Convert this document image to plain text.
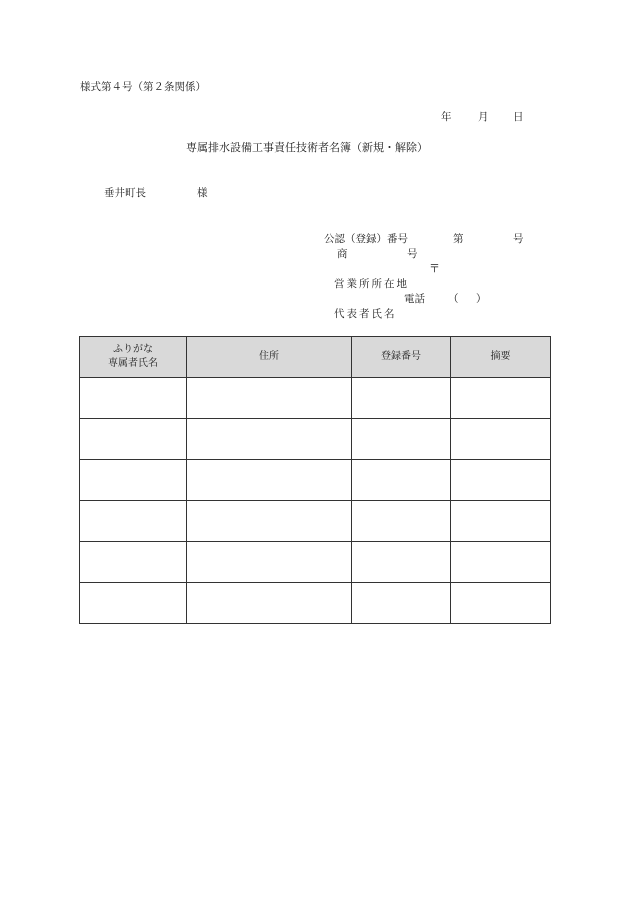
様式第４号（第２条関係）
年	月 日
専属排水設備工事責任技術者名簿（新規・解除）
垂井町長	様
公認（登録）番号	第	号
商	号
〒
営業所所在地
電話 （ ）
代表者氏名
ふりがな
専属者氏名	住所	登録番号	摘要
